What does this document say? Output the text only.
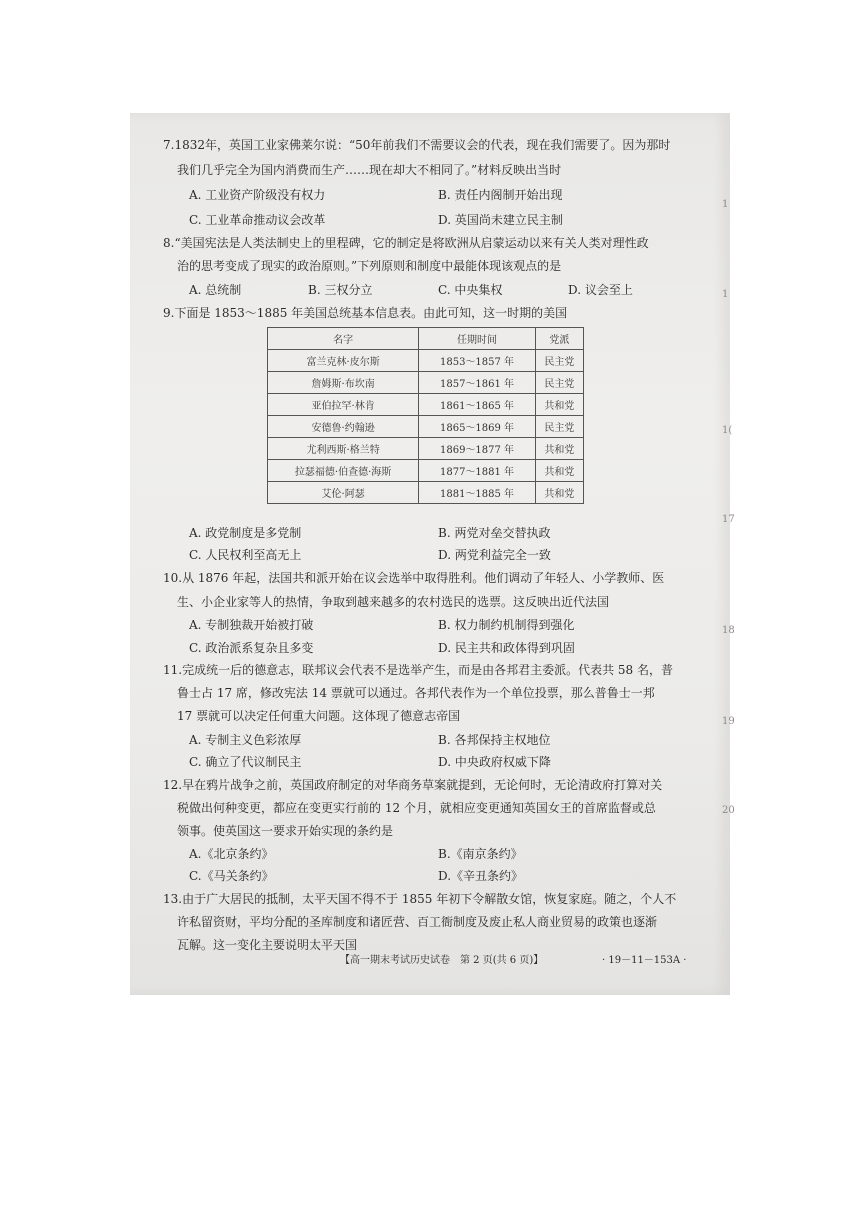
7.1832年，英国工业家佛莱尔说：“50年前我们不需要议会的代表，现在我们需要了。因为那时
我们几乎完全为国内消费而生产……现在却大不相同了。”材料反映出当时
A. 工业资产阶级没有权力	B. 责任内阁制开始出现
C. 工业革命推动议会改革	D. 英国尚未建立民主制
8.“美国宪法是人类法制史上的里程碑，它的制定是将欧洲从启蒙运动以来有关人类对理性政
治的思考变成了现实的政治原则。”下列原则和制度中最能体现该观点的是
A. 总统制	B. 三权分立	C. 中央集权	D. 议会至上
9.下面是 1853～1885 年美国总统基本信息表。由此可知，这一时期的美国
名字	任期时间	党派
富兰克林·皮尔斯	1853～1857 年	民主党
詹姆斯·布坎南	1857～1861 年	民主党
亚伯拉罕·林肯	1861～1865 年	共和党
安德鲁·约翰逊	1865～1869 年	民主党
尤利西斯·格兰特	1869～1877 年	共和党
拉瑟福德·伯查德·海斯	1877～1881 年	共和党
艾伦·阿瑟	1881～1885 年	共和党
A. 政党制度是多党制	B. 两党对垒交替执政
C. 人民权利至高无上	D. 两党利益完全一致
10.从 1876 年起，法国共和派开始在议会选举中取得胜利。他们调动了年轻人、小学教师、医
生、小企业家等人的热情，争取到越来越多的农村选民的选票。这反映出近代法国
A. 专制独裁开始被打破	B. 权力制约机制得到强化
C. 政治派系复杂且多变	D. 民主共和政体得到巩固
11.完成统一后的德意志，联邦议会代表不是选举产生，而是由各邦君主委派。代表共 58 名，普
鲁士占 17 席，修改宪法 14 票就可以通过。各邦代表作为一个单位投票，那么普鲁士一邦
17 票就可以决定任何重大问题。这体现了德意志帝国
A. 专制主义色彩浓厚	B. 各邦保持主权地位
C. 确立了代议制民主	D. 中央政府权威下降
12.早在鸦片战争之前，英国政府制定的对华商务草案就提到，无论何时，无论清政府打算对关
税做出何种变更，都应在变更实行前的 12 个月，就相应变更通知英国女王的首席监督或总
领事。使英国这一要求开始实现的条约是
A.《北京条约》	B.《南京条约》
C.《马关条约》	D.《辛丑条约》
13.由于广大居民的抵制，太平天国不得不于 1855 年初下令解散女馆，恢复家庭。随之，个人不
许私留资财，平均分配的圣库制度和诸匠营、百工衙制度及废止私人商业贸易的政策也逐渐
瓦解。这一变化主要说明太平天国
【高一期末考试历史试卷　第 2 页(共 6 页)】	· 19－11－153A ·
1
1
1(
17
18
19
20
